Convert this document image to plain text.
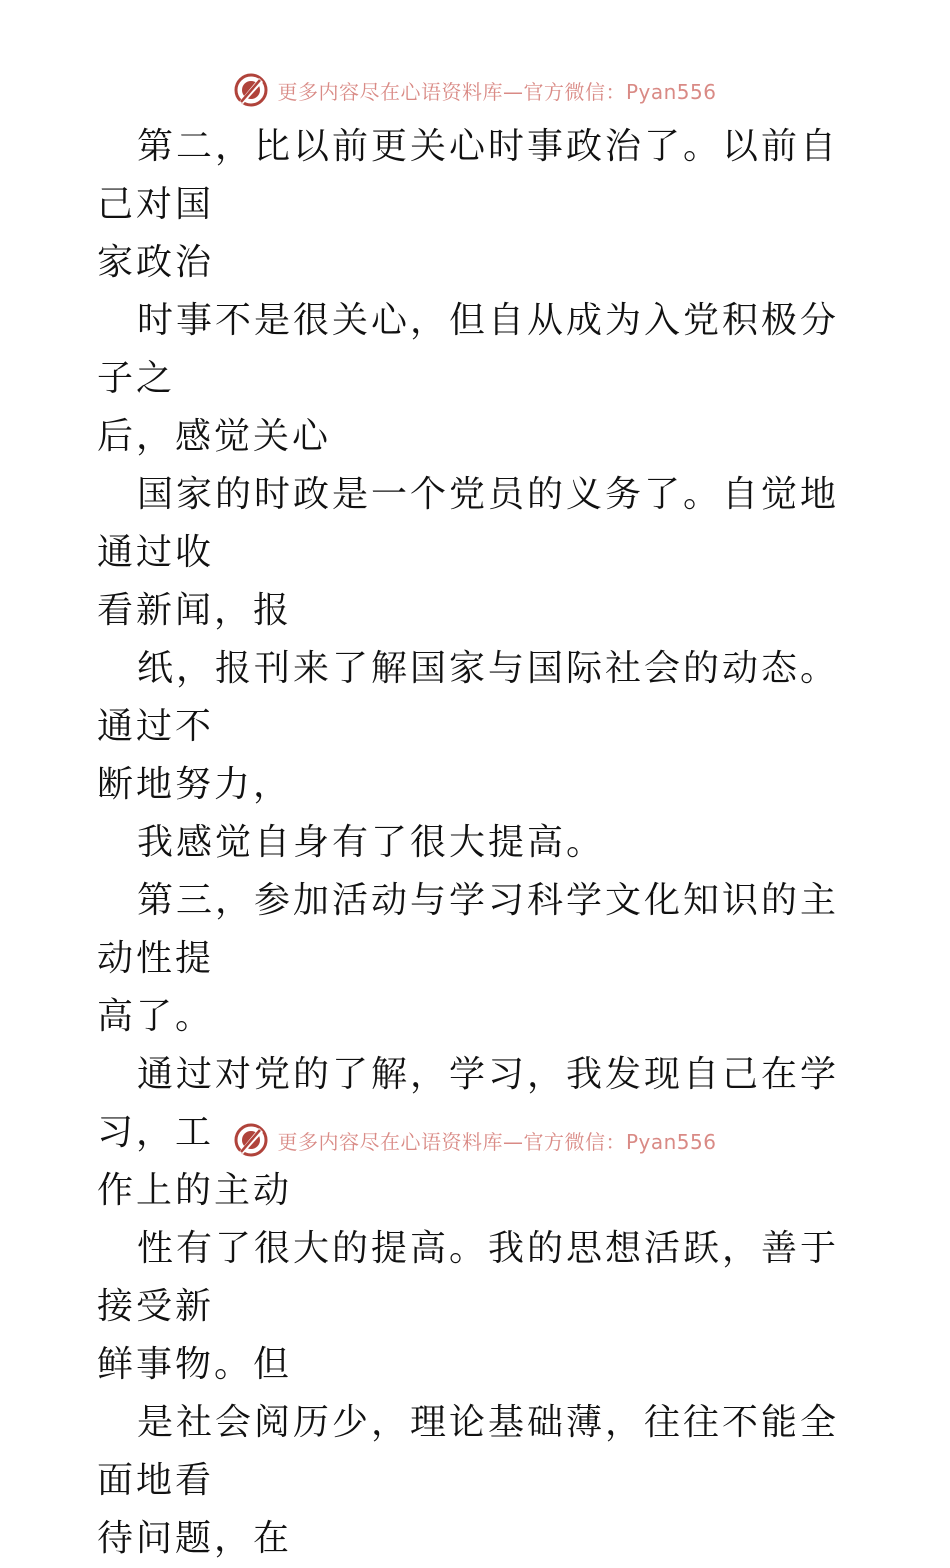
更多内容尽在心语资料库—官方微信：Pyan556

第二，比以前更关心时事政治了。以前自己对国

家政治

时事不是很关心，但自从成为入党积极分子之

后，感觉关心

国家的时政是一个党员的义务了。自觉地通过收

看新闻，报

纸，报刊来了解国家与国际社会的动态。通过不

断地努力，

我感觉自身有了很大提高。

第三，参加活动与学习科学文化知识的主动性提

高了。

通过对党的了解，学习，我发现自己在学习，工

作上的主动

性有了很大的提高。我的思想活跃，善于接受新

鲜事物。但

是社会阅历少，理论基础薄，往往不能全面地看

待问题，在

更多内容尽在心语资料库—官方微信：Pyan556
